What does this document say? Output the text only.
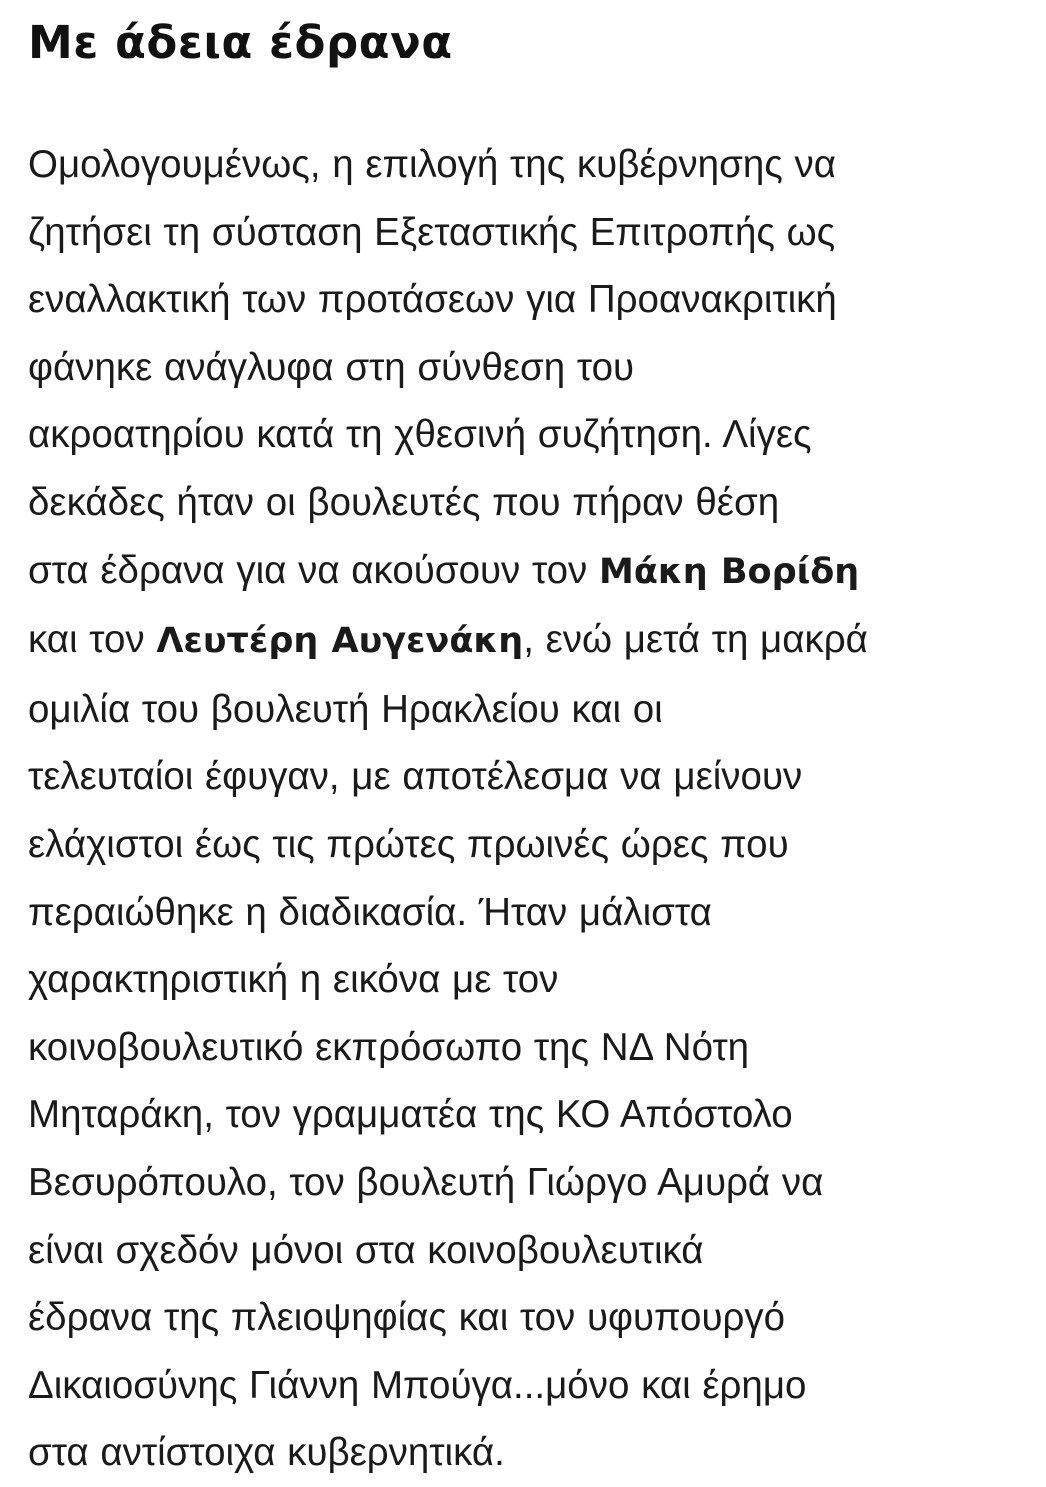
Με άδεια έδρανα

Ομολογουμένως, η επιλογή της κυβέρνησης να
ζητήσει τη σύσταση Εξεταστικής Επιτροπής ως
εναλλακτική των προτάσεων για Προανακριτική
φάνηκε ανάγλυφα στη σύνθεση του
ακροατηρίου κατά τη χθεσινή συζήτηση. Λίγες
δεκάδες ήταν οι βουλευτές που πήραν θέση
στα έδρανα για να ακούσουν τον Μάκη Βορίδη
και τον Λευτέρη Αυγενάκη, ενώ μετά τη μακρά
ομιλία του βουλευτή Ηρακλείου και οι
τελευταίοι έφυγαν, με αποτέλεσμα να μείνουν
ελάχιστοι έως τις πρώτες πρωινές ώρες που
περαιώθηκε η διαδικασία. Ήταν μάλιστα
χαρακτηριστική η εικόνα με τον
κοινοβουλευτικό εκπρόσωπο της ΝΔ Νότη
Μηταράκη, τον γραμματέα της ΚΟ Απόστολο
Βεσυρόπουλο, τον βουλευτή Γιώργο Αμυρά να
είναι σχεδόν μόνοι στα κοινοβουλευτικά
έδρανα της πλειοψηφίας και τον υφυπουργό
Δικαιοσύνης Γιάννη Μπούγα...μόνο και έρημο
στα αντίστοιχα κυβερνητικά.
